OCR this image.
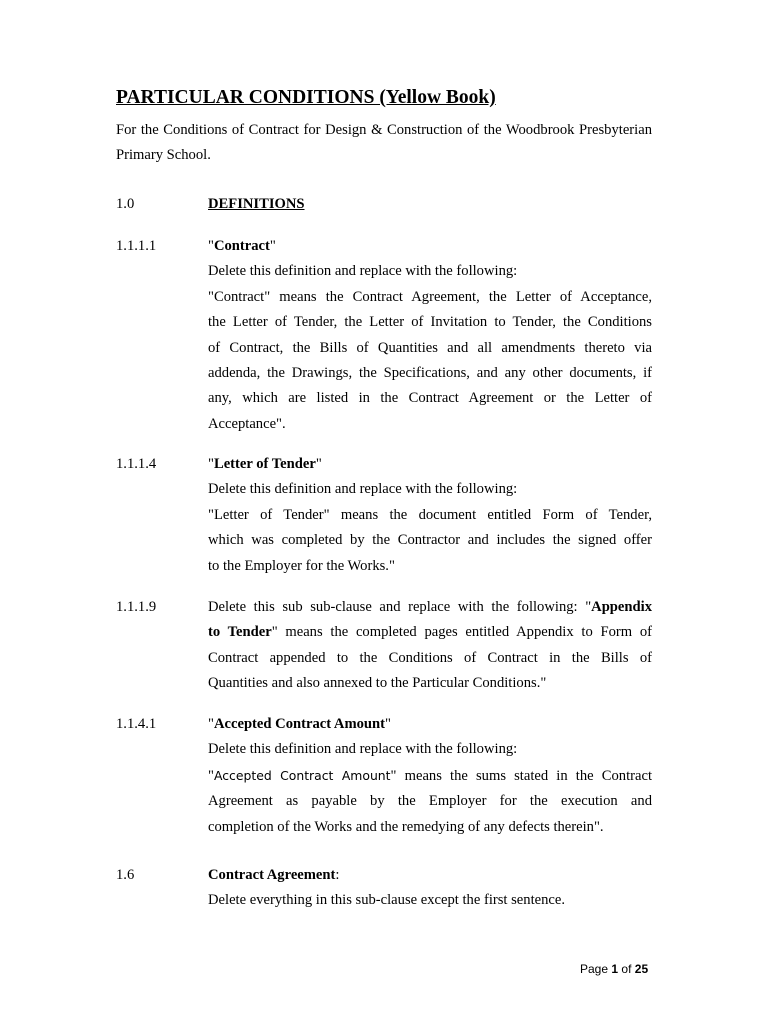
PARTICULAR CONDITIONS (Yellow Book)
For the Conditions of Contract for Design & Construction of the Woodbrook Presbyterian Primary School.
1.0	DEFINITIONS
1.1.1.1	"Contract"
Delete this definition and replace with the following:
"Contract" means the Contract Agreement, the Letter of Acceptance,
the Letter of Tender, the Letter of Invitation to Tender, the Conditions
of Contract, the Bills of Quantities and all amendments thereto via
addenda, the Drawings, the Specifications, and any other documents, if
any, which are listed in the Contract Agreement or the Letter of
Acceptance".
1.1.1.4	"Letter of Tender"
Delete this definition and replace with the following:
"Letter of Tender" means the document entitled Form of Tender,
which was completed by the Contractor and includes the signed offer
to the Employer for the Works."
1.1.1.9	Delete this sub sub-clause and replace with the following: "Appendix
to Tender" means the completed pages entitled Appendix to Form of
Contract appended to the Conditions of Contract in the Bills of
Quantities and also annexed to the Particular Conditions."
1.1.4.1	"Accepted Contract Amount"
Delete this definition and replace with the following:
"Accepted Contract Amount" means the sums stated in the Contract
Agreement as payable by the Employer for the execution and
completion of the Works and the remedying of any defects therein".
1.6	Contract Agreement:
Delete everything in this sub-clause except the first sentence.
Page 1 of 25
